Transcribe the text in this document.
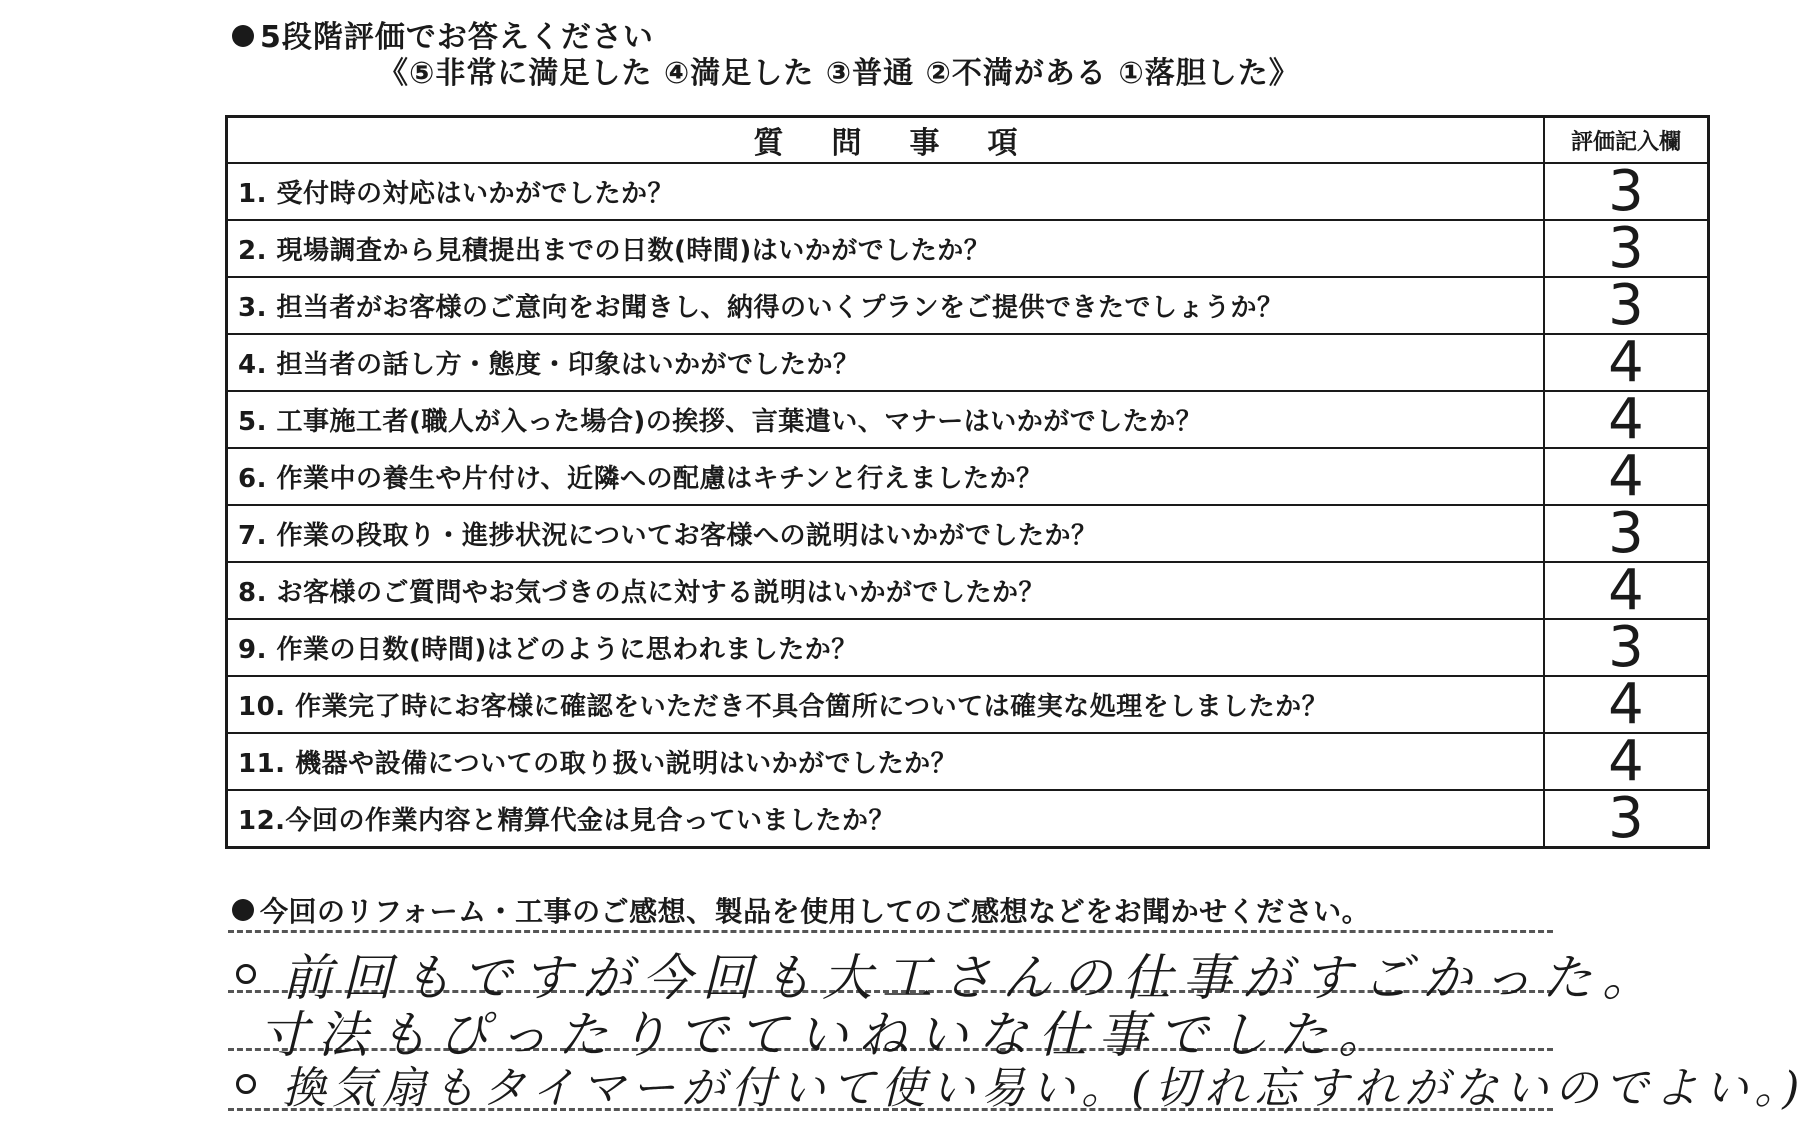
5段階評価でお答えください
《⑤非常に満足した ④満足した ③普通 ②不満がある ①落胆した》
質問事項	評価記入欄
1. 受付時の対応はいかがでしたか？	3
2. 現場調査から見積提出までの日数(時間)はいかがでしたか？	3
3. 担当者がお客様のご意向をお聞きし、納得のいくプランをご提供できたでしょうか？	3
4. 担当者の話し方・態度・印象はいかがでしたか？	4
5. 工事施工者(職人が入った場合)の挨拶、言葉遣い、マナーはいかがでしたか？	4
6. 作業中の養生や片付け、近隣への配慮はキチンと行えましたか？	4
7. 作業の段取り・進捗状況についてお客様への説明はいかがでしたか？	3
8. お客様のご質問やお気づきの点に対する説明はいかがでしたか？	4
9. 作業の日数(時間)はどのように思われましたか？	3
10. 作業完了時にお客様に確認をいただき不具合箇所については確実な処理をしましたか？	4
11. 機器や設備についての取り扱い説明はいかがでしたか？	4
12.今回の作業内容と精算代金は見合っていましたか？	3
今回のリフォーム・工事のご感想、製品を使用してのご感想などをお聞かせください。
前回もですが今回も大工さんの仕事がすごかった。
寸法もぴったりでていねいな仕事でした。
換気扇もタイマーが付いて使い易い。(切れ忘すれがないのでよい。)
